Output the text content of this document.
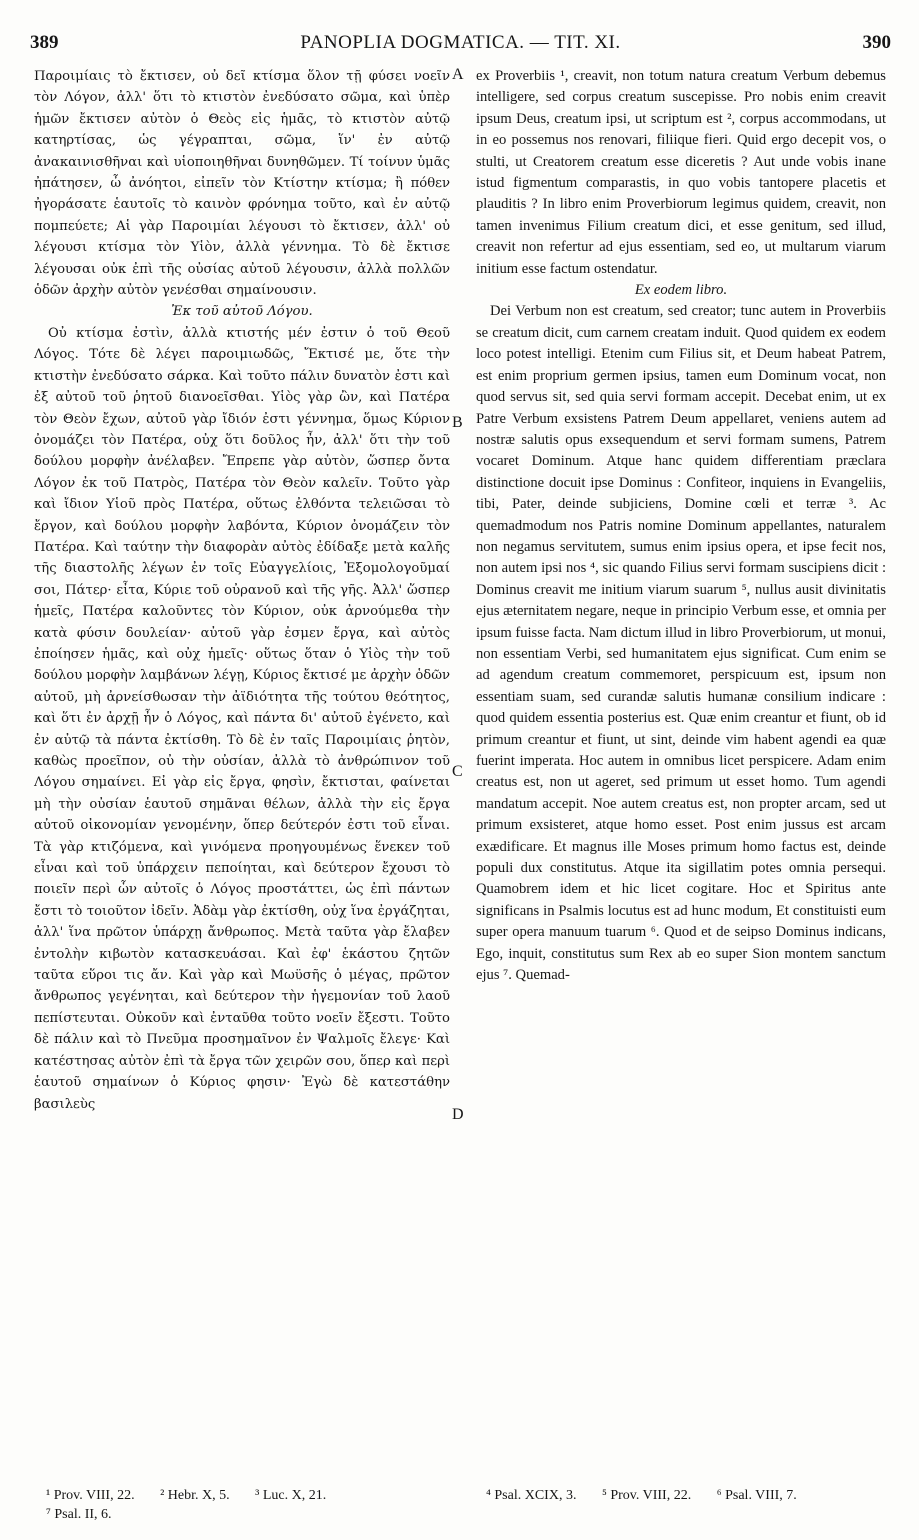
389	PANOPLIA DOGMATICA. — TIT. XI.	390

Παροιμίαις τὸ ἔκτισεν, οὐ δεῖ κτίσμα ὅλον τῇ φύσει νοεῖν τὸν Λόγον, ἀλλ' ὅτι τὸ κτιστὸν ἐνεδύσατο σῶμα, καὶ ὑπὲρ ἡμῶν ἔκτισεν αὐτὸν ὁ Θεὸς εἰς ἡμᾶς, τὸ κτιστὸν αὐτῷ κατηρτίσας, ὡς γέγραπται, σῶμα, ἵν' ἐν αὐτῷ ἀνακαινισθῆναι καὶ υἱοποιηθῆναι δυνηθῶμεν. Τί τοίνυν ὑμᾶς ἠπάτησεν, ὦ ἀνόητοι, εἰπεῖν τὸν Κτίστην κτίσμα; ἢ πόθεν ἠγοράσατε ἑαυτοῖς τὸ καινὸν φρόνημα τοῦτο, καὶ ἐν αὐτῷ πομπεύετε; Αἱ γὰρ Παροιμίαι λέγουσι τὸ ἔκτισεν, ἀλλ' οὐ λέγουσι κτίσμα τὸν Υἱὸν, ἀλλὰ γέννημα. Τὸ δὲ ἔκτισε λέγουσαι οὐκ ἐπὶ τῆς οὐσίας αὐτοῦ λέγουσιν, ἀλλὰ πολλῶν ὁδῶν ἀρχὴν αὐτὸν γενέσθαι σημαίνουσιν.

Ἐκ τοῦ αὐτοῦ Λόγου.

Οὐ κτίσμα ἐστὶν, ἀλλὰ κτιστής μέν ἐστιν ὁ τοῦ Θεοῦ Λόγος. Τότε δὲ λέγει παροιμιωδῶς, Ἔκτισέ με, ὅτε τὴν κτιστὴν ἐνεδύσατο σάρκα. Καὶ τοῦτο πάλιν δυνατὸν ἐστι καὶ ἐξ αὐτοῦ τοῦ ῥητοῦ διανοεῖσθαι. Υἱὸς γὰρ ὢν, καὶ Πατέρα τὸν Θεὸν ἔχων, αὐτοῦ γὰρ ἴδιόν ἐστι γέννημα, ὅμως Κύριον ὀνομάζει τὸν Πατέρα, οὐχ ὅτι δοῦλος ἦν, ἀλλ' ὅτι τὴν τοῦ δούλου μορφὴν ἀνέλαβεν. Ἔπρεπε γὰρ αὐτὸν, ὥσπερ ὄντα Λόγον ἐκ τοῦ Πατρὸς, Πατέρα τὸν Θεὸν καλεῖν. Τοῦτο γὰρ καὶ ἴδιον Υἱοῦ πρὸς Πατέρα, οὕτως ἐλθόντα τελειῶσαι τὸ ἔργον, καὶ δούλου μορφὴν λαβόντα, Κύριον ὀνομάζειν τὸν Πατέρα. Καὶ ταύτην τὴν διαφορὰν αὐτὸς ἐδίδαξε μετὰ καλῆς τῆς διαστολῆς λέγων ἐν τοῖς Εὐαγγελίοις, Ἐξομολογοῦμαί σοι, Πάτερ· εἶτα, Κύριε τοῦ οὐρανοῦ καὶ τῆς γῆς. Ἀλλ' ὥσπερ ἡμεῖς, Πατέρα καλοῦντες τὸν Κύριον, οὐκ ἀρνούμεθα τὴν κατὰ φύσιν δουλείαν· αὐτοῦ γὰρ ἐσμεν ἔργα, καὶ αὐτὸς ἐποίησεν ἡμᾶς, καὶ οὐχ ἡμεῖς· οὕτως ὅταν ὁ Υἱὸς τὴν τοῦ δούλου μορφὴν λαμβάνων λέγῃ, Κύριος ἔκτισέ με ἀρχὴν ὁδῶν αὐτοῦ, μὴ ἀρνείσθωσαν τὴν ἀϊδιότητα τῆς τούτου θεότητος, καὶ ὅτι ἐν ἀρχῇ ἦν ὁ Λόγος, καὶ πάντα δι' αὐτοῦ ἐγένετο, καὶ ἐν αὐτῷ τὰ πάντα ἐκτίσθη. Τὸ δὲ ἐν ταῖς Παροιμίαις ῥητὸν, καθὼς προεῖπον, οὐ τὴν οὐσίαν, ἀλλὰ τὸ ἀνθρώπινον τοῦ Λόγου σημαίνει. Εἰ γὰρ εἰς ἔργα, φησὶν, ἔκτισται, φαίνεται μὴ τὴν οὐσίαν ἑαυτοῦ σημᾶναι θέλων, ἀλλὰ τὴν εἰς ἔργα αὐτοῦ οἰκονομίαν γενομένην, ὅπερ δεύτερόν ἐστι τοῦ εἶναι. Τὰ γὰρ κτιζόμενα, καὶ γινόμενα προηγουμένως ἕνεκεν τοῦ εἶναι καὶ τοῦ ὑπάρχειν πεποίηται, καὶ δεύτερον ἔχουσι τὸ ποιεῖν περὶ ὧν αὐτοῖς ὁ Λόγος προστάττει, ὡς ἐπὶ πάντων ἔστι τὸ τοιοῦτον ἰδεῖν. Ἀδὰμ γὰρ ἐκτίσθη, οὐχ ἵνα ἐργάζηται, ἀλλ' ἵνα πρῶτον ὑπάρχῃ ἄνθρωπος. Μετὰ ταῦτα γὰρ ἔλαβεν ἐντολὴν κιβωτὸν κατασκευάσαι. Καὶ ἐφ' ἑκάστου ζητῶν ταῦτα εὕροι τις ἄν. Καὶ γὰρ καὶ Μωϋσῆς ὁ μέγας, πρῶτον ἄνθρωπος γεγένηται, καὶ δεύτερον τὴν ἡγεμονίαν τοῦ λαοῦ πεπίστευται. Οὐκοῦν καὶ ἐνταῦθα τοῦτο νοεῖν ἔξεστι. Τοῦτο δὲ πάλιν καὶ τὸ Πνεῦμα προσημαῖνον ἐν Ψαλμοῖς ἔλεγε· Καὶ κατέστησας αὐτὸν ἐπὶ τὰ ἔργα τῶν χειρῶν σου, ὅπερ καὶ περὶ ἑαυτοῦ σημαίνων ὁ Κύριος φησιν· Ἐγὼ δὲ κατεστάθην βασιλεὺς

A
B
C
D

ex Proverbiis ¹, creavit, non totum natura creatum Verbum debemus intelligere, sed corpus creatum suscepisse. Pro nobis enim creavit ipsum Deus, creatum ipsi, ut scriptum est ², corpus accommodans, ut in eo possemus nos renovari, filiique fieri. Quid ergo decepit vos, o stulti, ut Creatorem creatum esse diceretis ? Aut unde vobis inane istud figmentum comparastis, in quo vobis tantopere placetis et plauditis ? In libro enim Proverbiorum legimus quidem, creavit, non tamen invenimus Filium creatum dici, et esse genitum, sed illud, creavit non refertur ad ejus essentiam, sed eo, ut multarum viarum initium esse factum ostendatur.

Ex eodem libro.

Dei Verbum non est creatum, sed creator; tunc autem in Proverbiis se creatum dicit, cum carnem creatam induit. Quod quidem ex eodem loco potest intelligi. Etenim cum Filius sit, et Deum habeat Patrem, est enim proprium germen ipsius, tamen eum Dominum vocat, non quod servus sit, sed quia servi formam accepit. Decebat enim, ut ex Patre Verbum exsistens Patrem Deum appellaret, veniens autem ad nostræ salutis opus exsequendum et servi formam sumens, Patrem vocaret Dominum. Atque hanc quidem differentiam præclara distinctione docuit ipse Dominus : Confiteor, inquiens in Evangeliis, tibi, Pater, deinde subjiciens, Domine cœli et terræ ³. Ac quemadmodum nos Patris nomine Dominum appellantes, naturalem non negamus servitutem, sumus enim ipsius opera, et ipse fecit nos, non autem ipsi nos ⁴, sic quando Filius servi formam suscipiens dicit : Dominus creavit me initium viarum suarum ⁵, nullus ausit divinitatis ejus æternitatem negare, neque in principio Verbum esse, et omnia per ipsum fuisse facta. Nam dictum illud in libro Proverbiorum, ut monui, non essentiam Verbi, sed humanitatem ejus significat. Cum enim se ad agendum creatum commemoret, perspicuum est, ipsum non essentiam suam, sed curandæ salutis humanæ consilium indicare : quod quidem essentia posterius est. Quæ enim creantur et fiunt, ob id primum creantur et fiunt, ut sint, deinde vim habent agendi ea quæ fuerint imperata. Hoc autem in omnibus licet perspicere. Adam enim creatus est, non ut ageret, sed primum ut esset homo. Tum agendi mandatum accepit. Noe autem creatus est, non propter arcam, sed ut primum exsisteret, atque homo esset. Post enim jussus est arcam exædificare. Et magnus ille Moses primum homo factus est, deinde populi dux constitutus. Atque ita sigillatim potes omnia persequi. Quamobrem idem et hic licet cogitare. Hoc et Spiritus ante significans in Psalmis locutus est ad hunc modum, Et constituisti eum super opera manuum tuarum ⁶. Quod et de seipso Dominus indicans, Ego, inquit, constitutus sum Rex ab eo super Sion montem sanctum ejus ⁷. Quemad-

¹ Prov. VIII, 22. ² Hebr. X, 5. ³ Luc. X, 21.
⁷ Psal. II, 6.
⁴ Psal. XCIX, 3. ⁵ Prov. VIII, 22. ⁶ Psal. VIII, 7.
